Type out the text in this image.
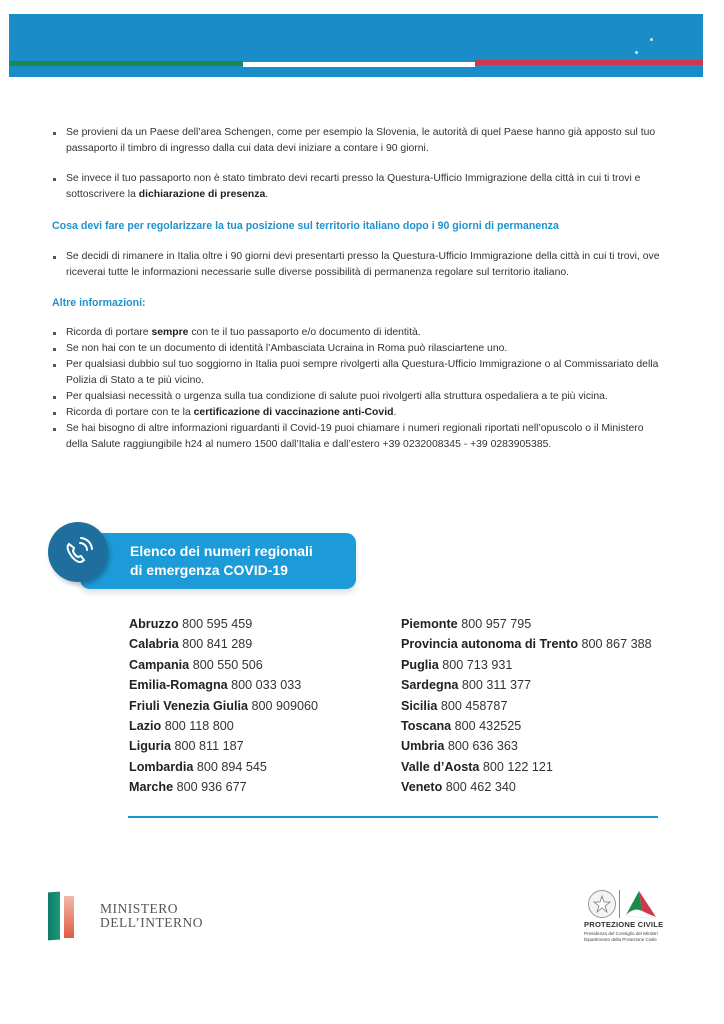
Se provieni da un Paese dell’area Schengen, come per esempio la Slovenia, le autorità di quel Paese hanno già apposto sul tuo passaporto il timbro di ingresso dalla cui data devi iniziare a contare i 90 giorni.
Se invece il tuo passaporto non è stato timbrato devi recarti presso la Questura-Ufficio Immigrazione della città in cui ti trovi e sottoscrivere la dichiarazione di presenza.
Cosa devi fare per regolarizzare la tua posizione sul territorio italiano dopo i 90 giorni di permanenza
Se decidi di rimanere in Italia oltre i 90 giorni devi presentarti presso la Questura-Ufficio Immigrazione della città in cui ti trovi, ove riceverai tutte le informazioni necessarie sulle diverse possibilità di permanenza regolare sul territorio italiano.
Altre informazioni:
Ricorda di portare sempre con te il tuo passaporto e/o documento di identità.
Se non hai con te un documento di identità l’Ambasciata Ucraina in Roma può rilasciartene uno.
Per qualsiasi dubbio sul tuo soggiorno in Italia puoi sempre rivolgerti alla Questura-Ufficio Immigrazione o al Commissariato della Polizia di Stato a te più vicino.
Per qualsiasi necessità o urgenza sulla tua condizione di salute puoi rivolgerti alla struttura ospedaliera a te più vicina.
Ricorda di portare con te la certificazione di vaccinazione anti-Covid.
Se hai bisogno di altre informazioni riguardanti il Covid-19 puoi chiamare i numeri regionali riportati nell’opuscolo o il Ministero della Salute raggiungibile h24 al numero 1500 dall’Italia e dall’estero +39 0232008345 - +39 0283905385.
Elenco dei numeri regionali
di emergenza COVID-19
Abruzzo 800 595 459
Calabria 800 841 289
Campania 800 550 506
Emilia-Romagna 800 033 033
Friuli Venezia Giulia 800 909060
Lazio 800 118 800
Liguria 800 811 187
Lombardia 800 894 545
Marche 800 936 677
Piemonte 800 957 795
Provincia autonoma di Trento 800 867 388
Puglia 800 713 931
Sardegna 800 311 377
Sicilia 800 458787
Toscana 800 432525
Umbria 800 636 363
Valle d’Aosta 800 122 121
Veneto 800 462 340
MINISTERO
DELL’INTERNO	PROTEZIONE CIVILE
Presidenza del Consiglio dei Ministri
Dipartimento della Protezione Civile
